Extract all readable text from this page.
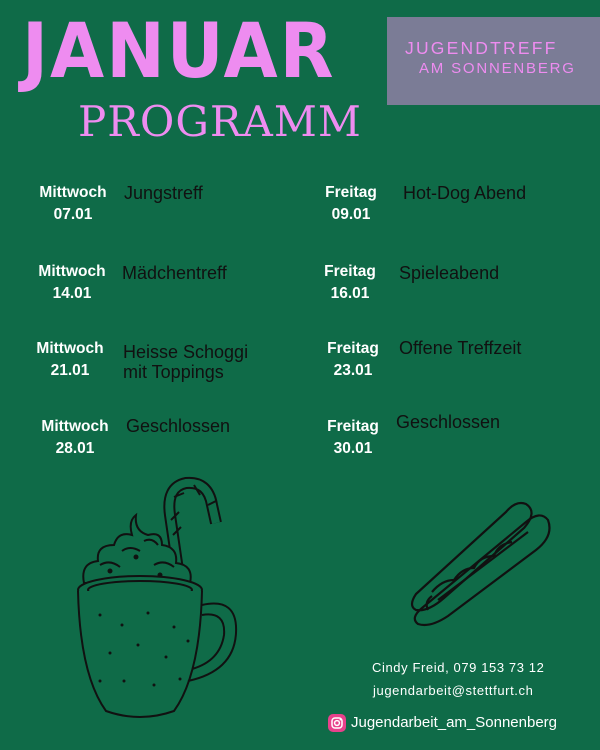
JANUAR
PROGRAMM
JUGENDTREFF
AM SONNENBERG
Mittwoch
07.01
Jungstreff
Mittwoch
14.01
Mädchentreff
Mittwoch
21.01
Heisse Schoggi
mit Toppings
Mittwoch
28.01
Geschlossen
Freitag
09.01
Hot-Dog Abend
Freitag
16.01
Spieleabend
Freitag
23.01
Offene Treffzeit
Freitag
30.01
Geschlossen
Cindy Freid, 079 153 73 12
jugendarbeit@stettfurt.ch
Jugendarbeit_am_Sonnenberg
